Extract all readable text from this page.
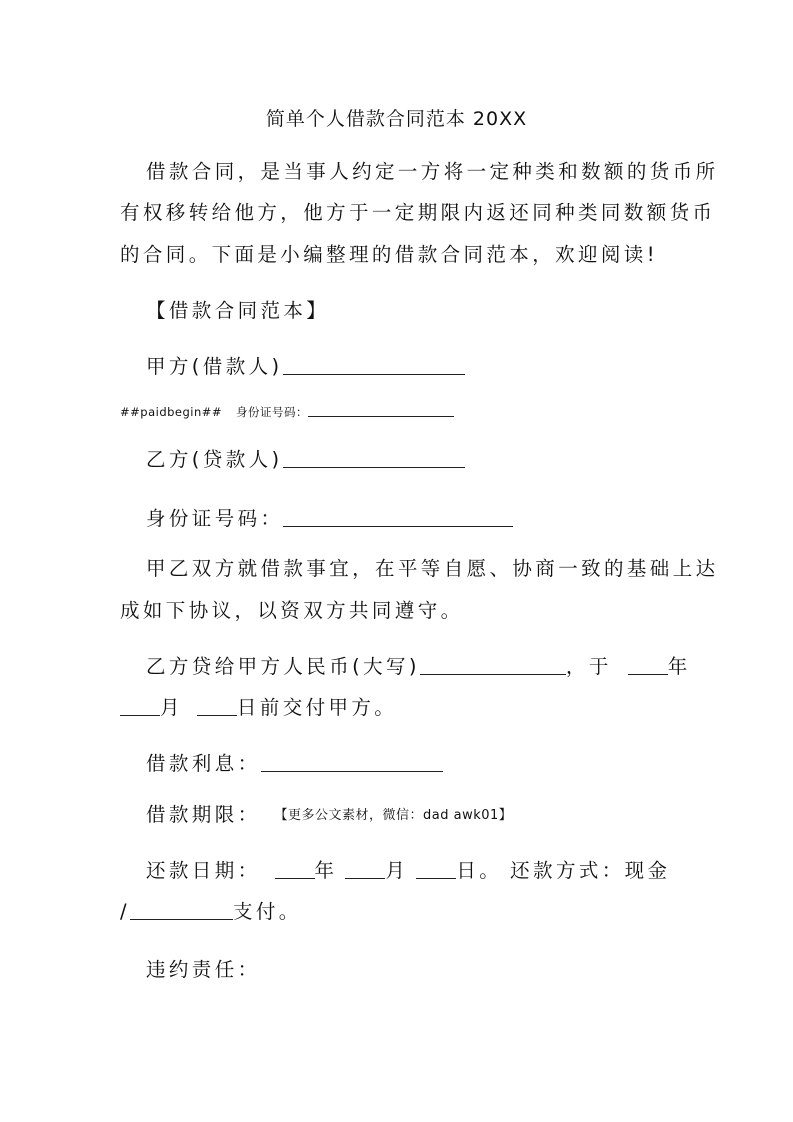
简单个人借款合同范本 20XX
借款合同，是当事人约定一方将一定种类和数额的货币所
有权移转给他方，他方于一定期限内返还同种类同数额货币
的合同。下面是小编整理的借款合同范本，欢迎阅读!
【借款合同范本】
甲方(借款人)
##paidbegin## 身份证号码：
乙方(贷款人)
身份证号码：
甲乙双方就借款事宜，在平等自愿、协商一致的基础上达
成如下协议，以资双方共同遵守。
乙方贷给甲方人民币(大写)	，于	年
月	日前交付甲方。
借款利息：
借款期限： 【更多公文素材，微信：dad awk01】
还款日期：	年 月 日。 还款方式：现金
/	支付。
违约责任：
